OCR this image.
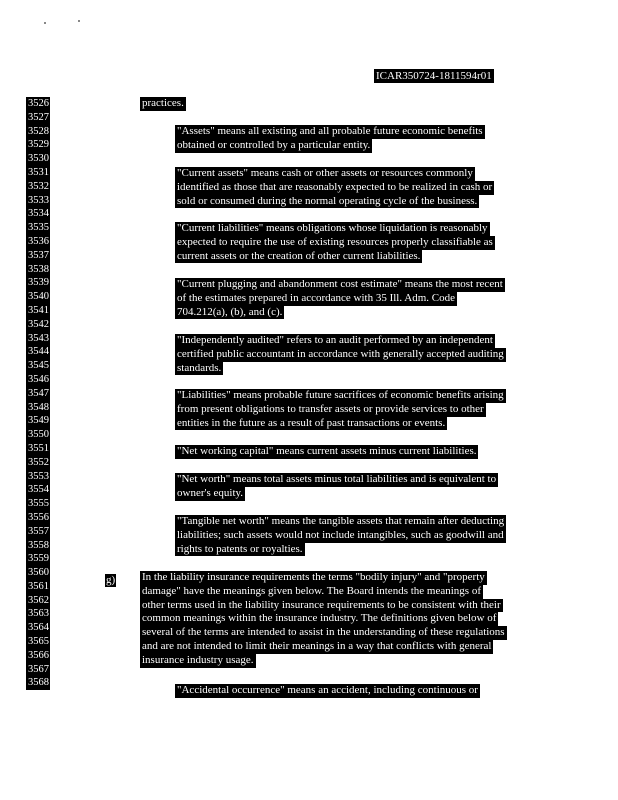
ICAR350724-1811594r01
3526
3527
3528
3529
3530
3531
3532
3533
3534
3535
3536
3537
3538
3539
3540
3541
3542
3543
3544
3545
3546
3547
3548
3549
3550
3551
3552
3553
3554
3555
3556
3557
3558
3559
3560
3561
3562
3563
3564
3565
3566
3567
3568
practices.
"Assets" means all existing and all probable future economic benefits
obtained or controlled by a particular entity.
"Current assets" means cash or other assets or resources commonly
identified as those that are reasonably expected to be realized in cash or
sold or consumed during the normal operating cycle of the business.
"Current liabilities" means obligations whose liquidation is reasonably
expected to require the use of existing resources properly classifiable as
current assets or the creation of other current liabilities.
"Current plugging and abandonment cost estimate" means the most recent
of the estimates prepared in accordance with 35 Ill. Adm. Code
704.212(a), (b), and (c).
"Independently audited" refers to an audit performed by an independent
certified public accountant in accordance with generally accepted auditing
standards.
"Liabilities" means probable future sacrifices of economic benefits arising
from present obligations to transfer assets or provide services to other
entities in the future as a result of past transactions or events.
"Net working capital" means current assets minus current liabilities.
"Net worth" means total assets minus total liabilities and is equivalent to
owner's equity.
"Tangible net worth" means the tangible assets that remain after deducting
liabilities; such assets would not include intangibles, such as goodwill and
rights to patents or royalties.
g) In the liability insurance requirements the terms "bodily injury" and "property
damage" have the meanings given below. The Board intends the meanings of
other terms used in the liability insurance requirements to be consistent with their
common meanings within the insurance industry. The definitions given below of
several of the terms are intended to assist in the understanding of these regulations
and are not intended to limit their meanings in a way that conflicts with general
insurance industry usage.
"Accidental occurrence" means an accident, including continuous or
